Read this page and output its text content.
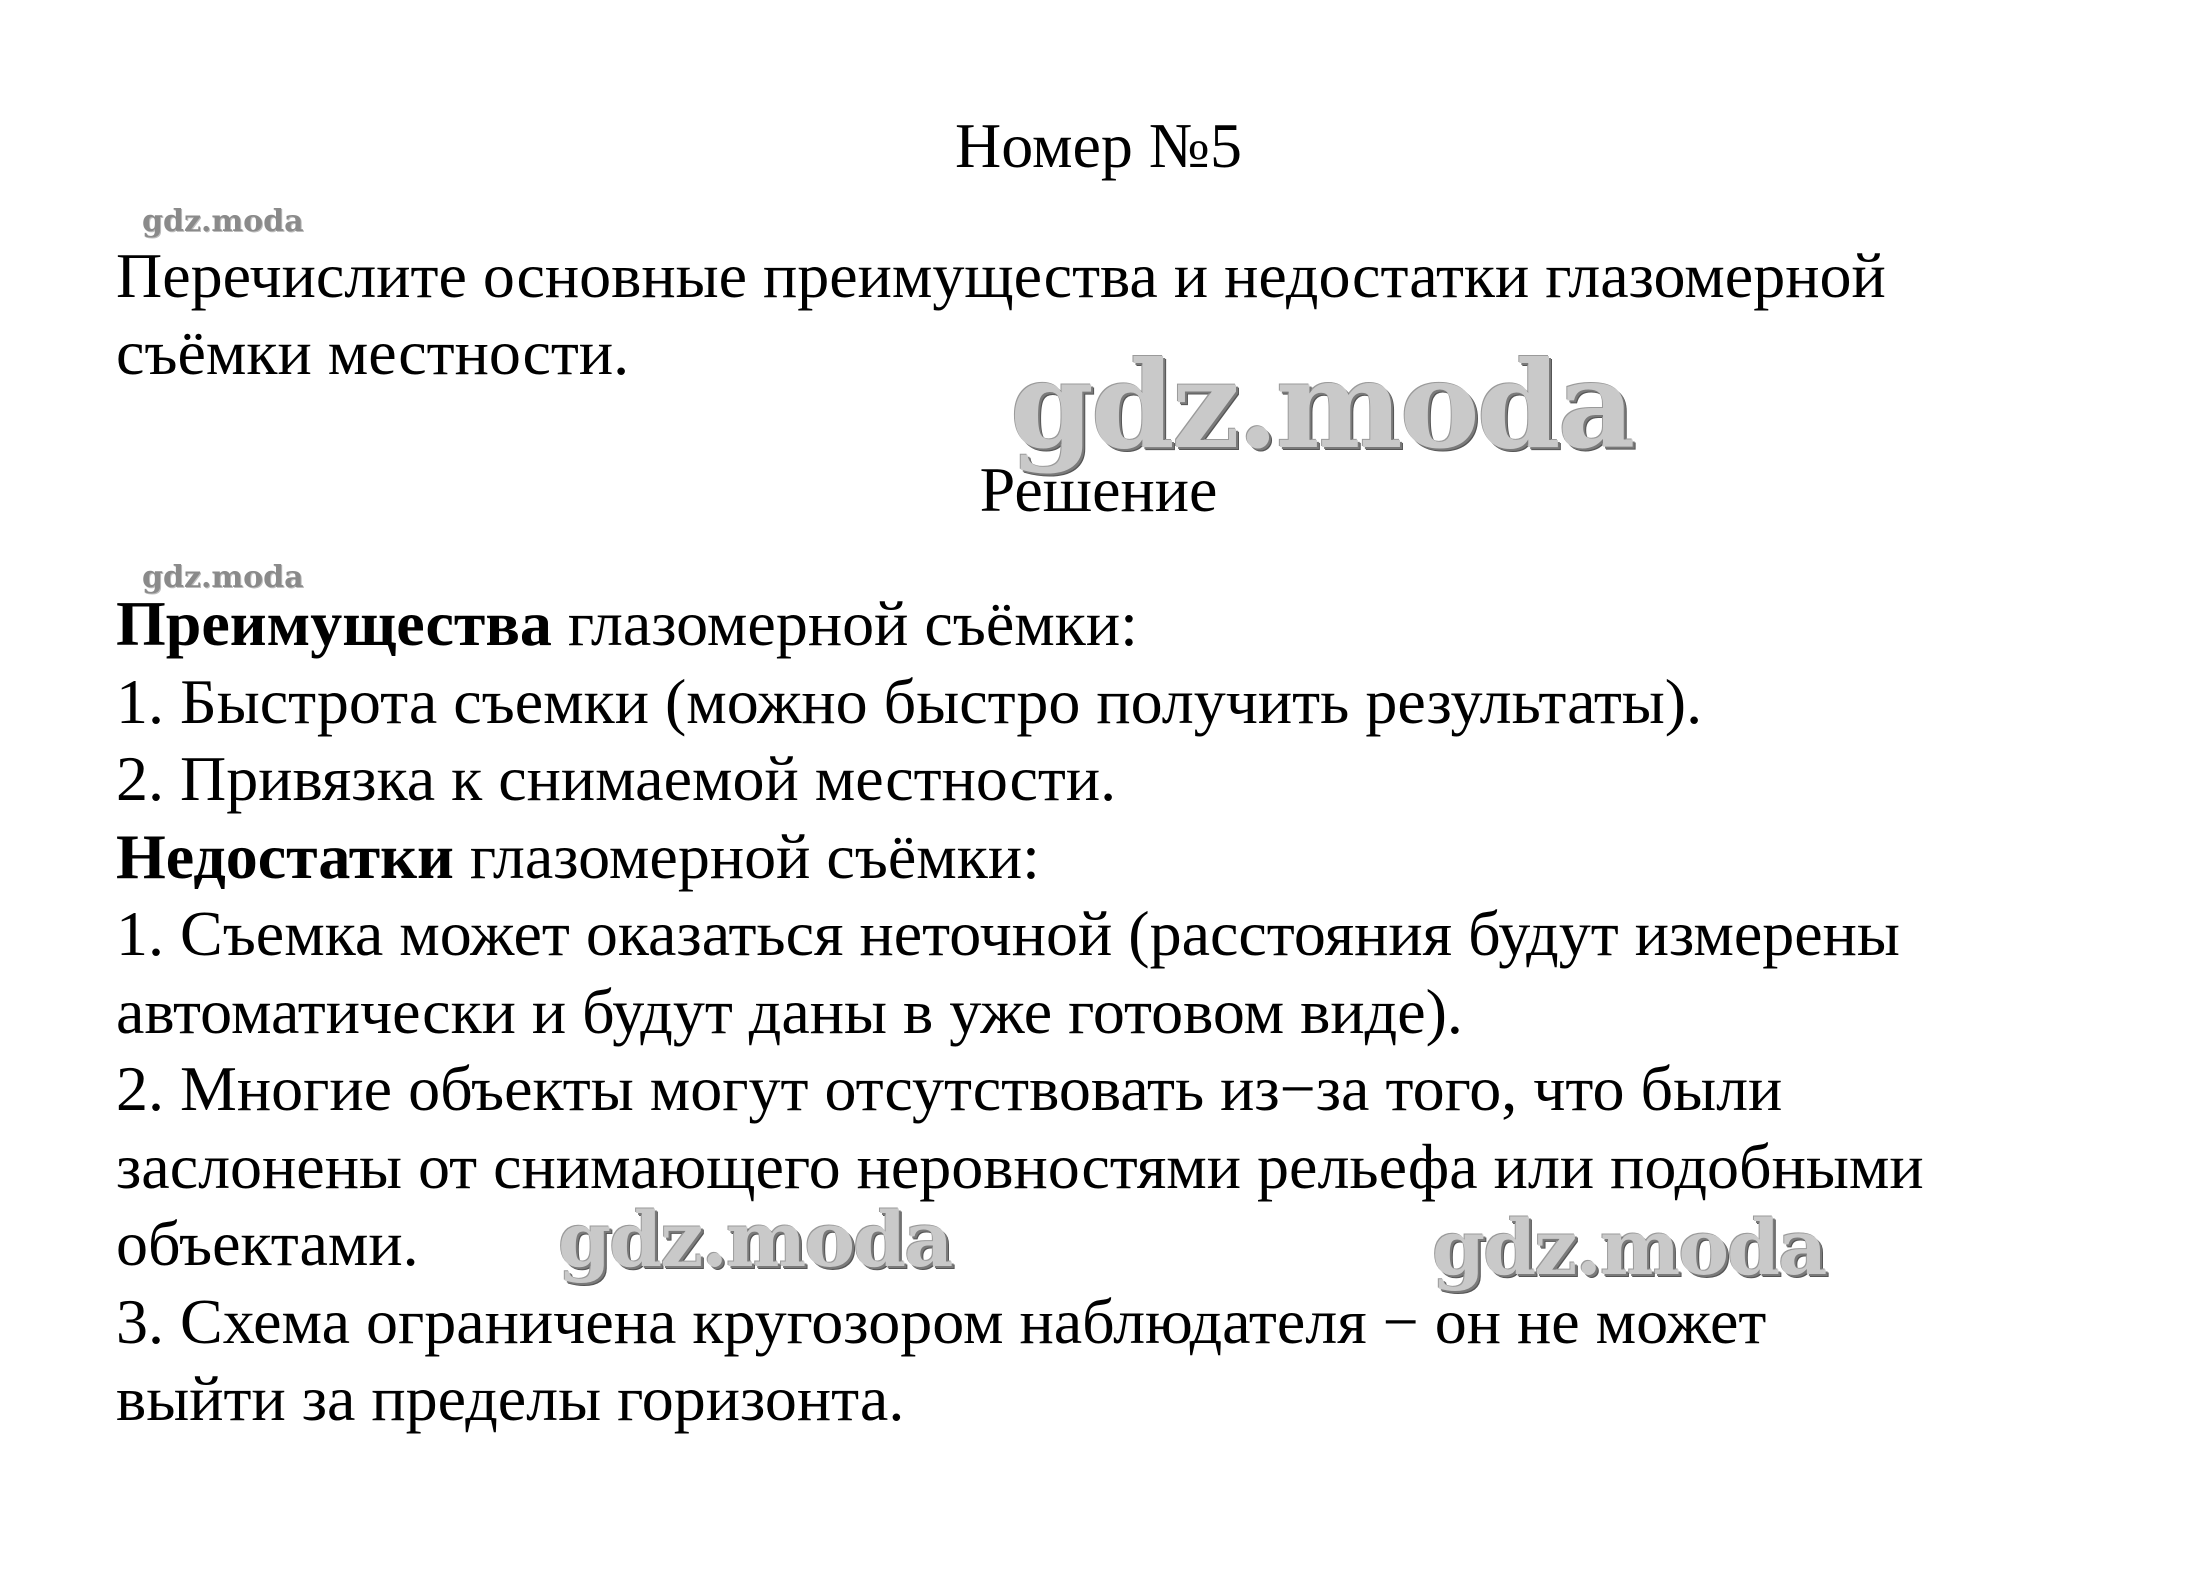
Номер №5
gdz.moda
Перечислите основные преимущества и недостатки глазомерной
съёмки местности.	gdz.moda
Решение
gdz.moda
Преимущества глазомерной съёмки:
1. Быстрота съемки (можно быстро получить результаты).
2. Привязка к снимаемой местности.
Недостатки глазомерной съёмки:
1. Съемка может оказаться неточной (расстояния будут измерены
автоматически и будут даны в уже готовом виде).
2. Многие объекты могут отсутствовать из−за того, что были
заслонены от снимающего неровностями рельефа или подобными
объектами.
3. Схема ограничена кругозором наблюдателя − он не может
выйти за пределы горизонта.
gdz.moda	gdz.moda
